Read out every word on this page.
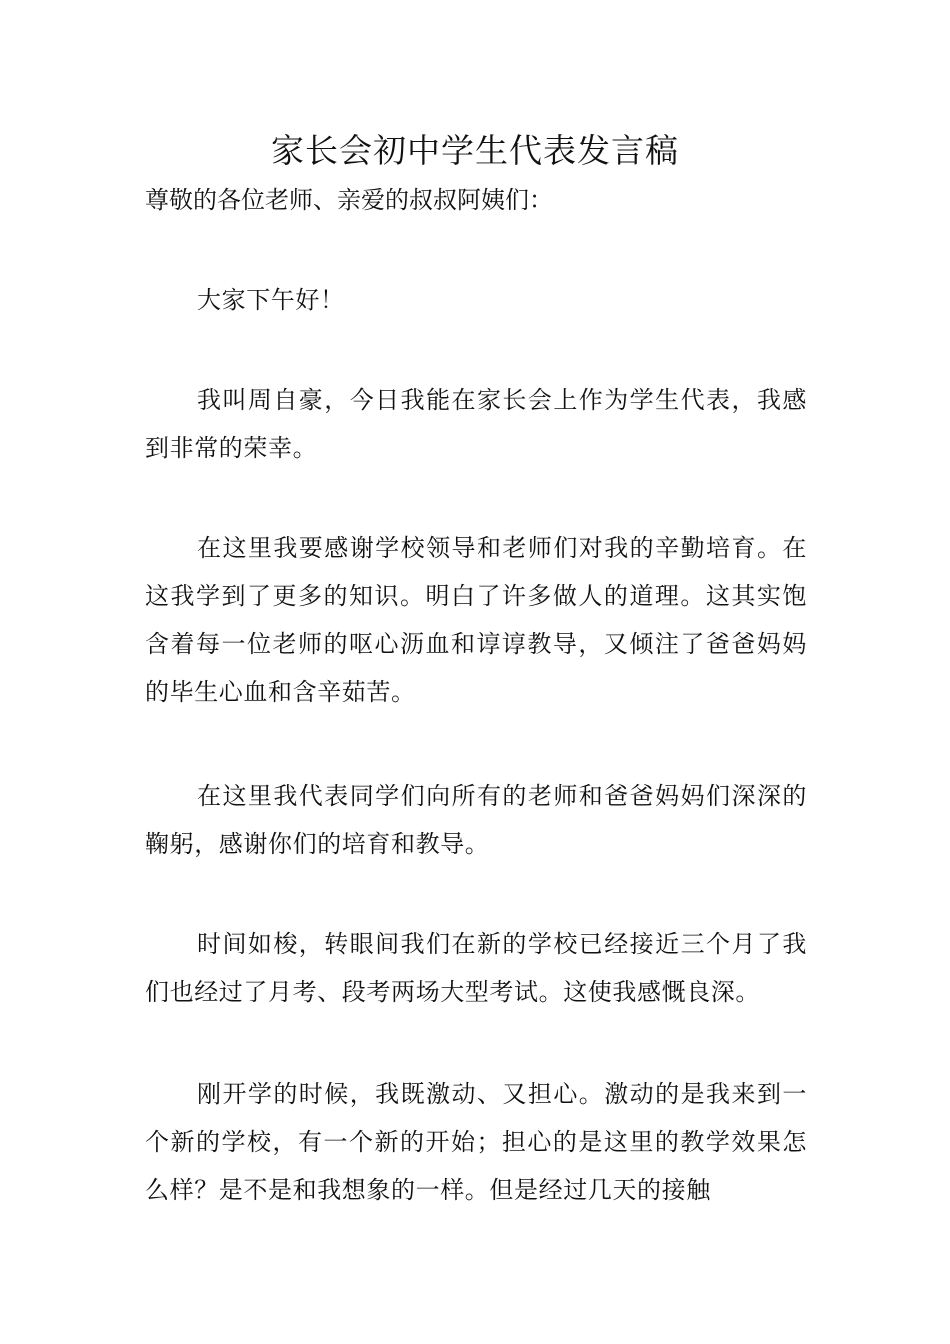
家长会初中学生代表发言稿

尊敬的各位老师、亲爱的叔叔阿姨们：

大家下午好！

我叫周自豪，今日我能在家长会上作为学生代表，我感到非常的荣幸。

在这里我要感谢学校领导和老师们对我的辛勤培育。在这我学到了更多的知识。明白了许多做人的道理。这其实饱含着每一位老师的呕心沥血和谆谆教导，又倾注了爸爸妈妈的毕生心血和含辛茹苦。

在这里我代表同学们向所有的老师和爸爸妈妈们深深的鞠躬，感谢你们的培育和教导。

时间如梭，转眼间我们在新的学校已经接近三个月了我们也经过了月考、段考两场大型考试。这使我感慨良深。

刚开学的时候，我既激动、又担心。激动的是我来到一个新的学校，有一个新的开始；担心的是这里的教学效果怎么样？是不是和我想象的一样。但是经过几天的接触
